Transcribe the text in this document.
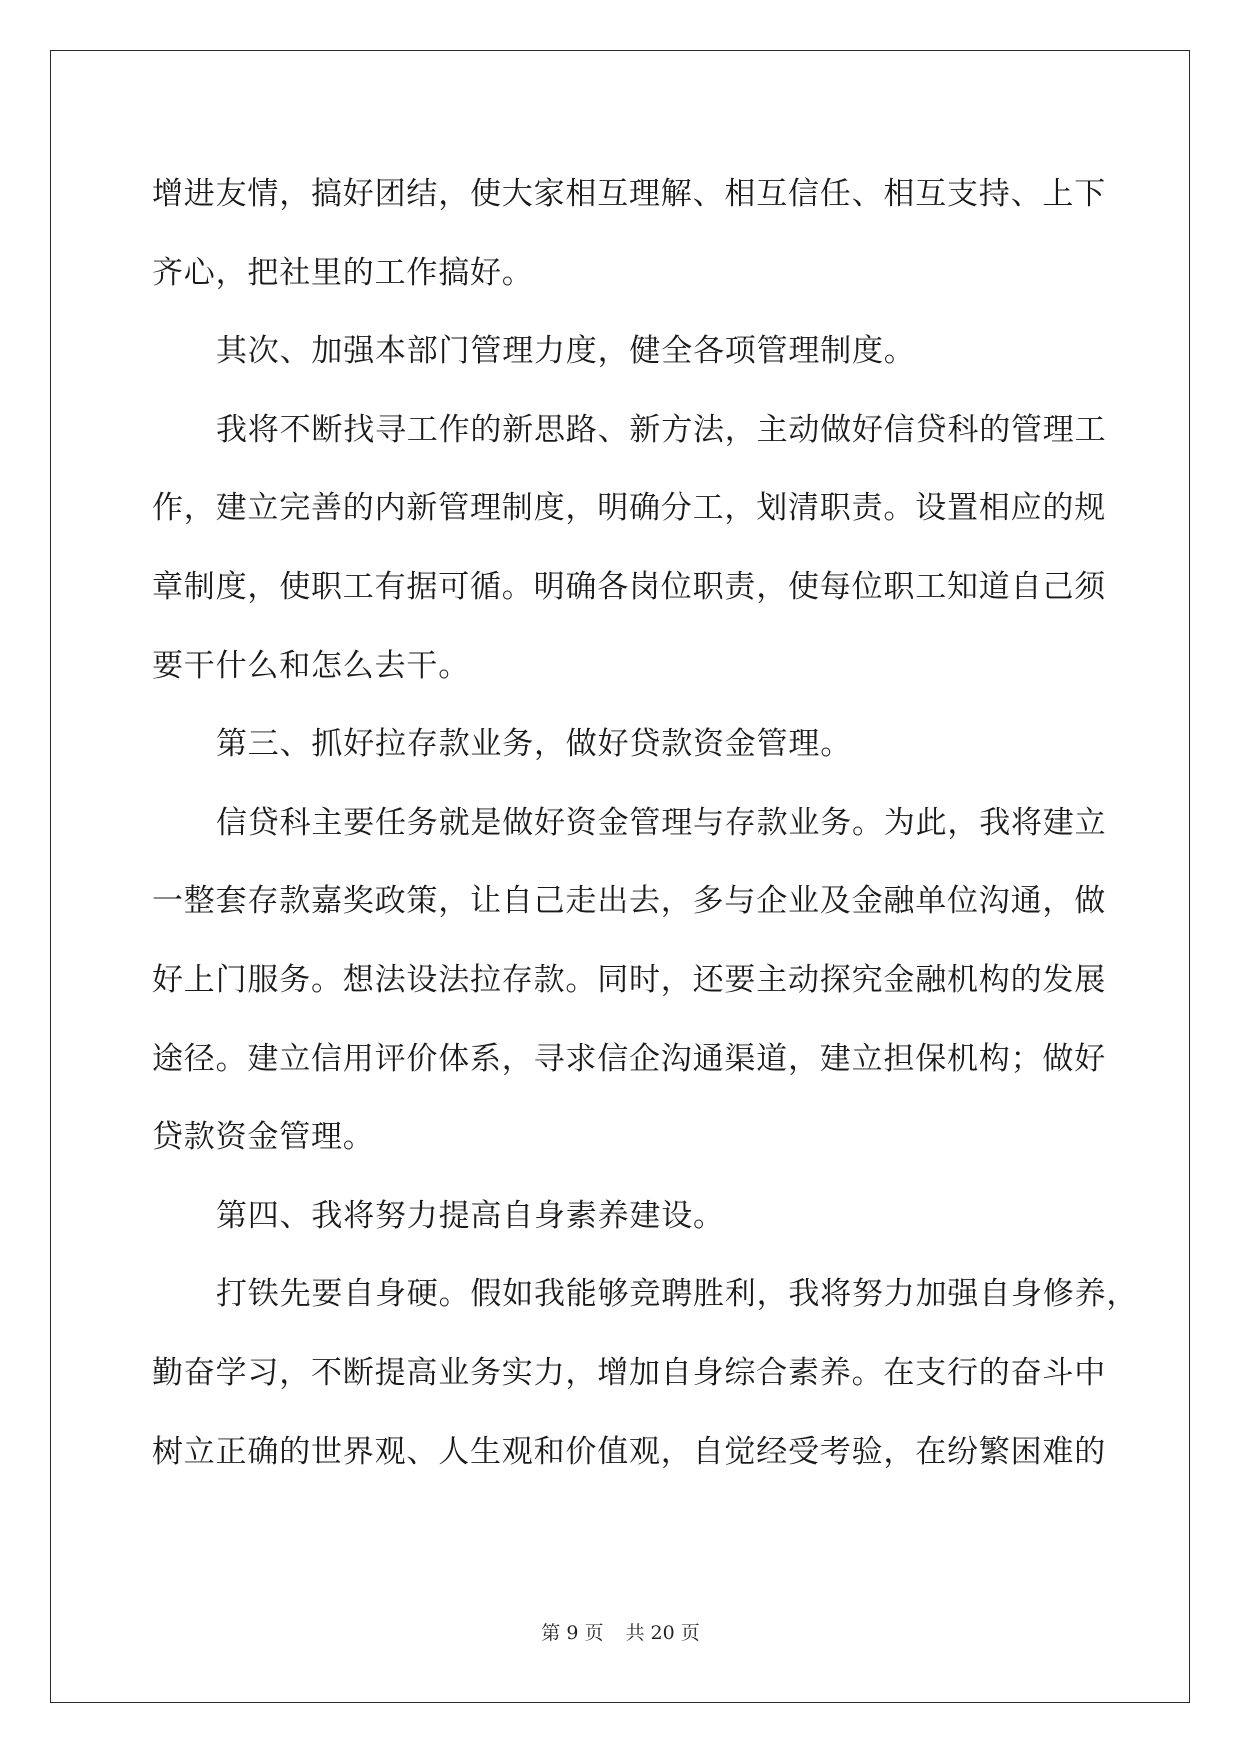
增进友情，搞好团结，使大家相互理解、相互信任、相互支持、上下
齐心，把社里的工作搞好。
其次、加强本部门管理力度，健全各项管理制度。
我将不断找寻工作的新思路、新方法，主动做好信贷科的管理工
作，建立完善的内新管理制度，明确分工，划清职责。设置相应的规
章制度，使职工有据可循。明确各岗位职责，使每位职工知道自己须
要干什么和怎么去干。
第三、抓好拉存款业务，做好贷款资金管理。
信贷科主要任务就是做好资金管理与存款业务。为此，我将建立
一整套存款嘉奖政策，让自己走出去，多与企业及金融单位沟通，做
好上门服务。想法设法拉存款。同时，还要主动探究金融机构的发展
途径。建立信用评价体系，寻求信企沟通渠道，建立担保机构；做好
贷款资金管理。
第四、我将努力提高自身素养建设。
打铁先要自身硬。假如我能够竞聘胜利，我将努力加强自身修养，
勤奋学习，不断提高业务实力，增加自身综合素养。在支行的奋斗中
树立正确的世界观、人生观和价值观，自觉经受考验，在纷繁困难的
第 9 页 共 20 页
